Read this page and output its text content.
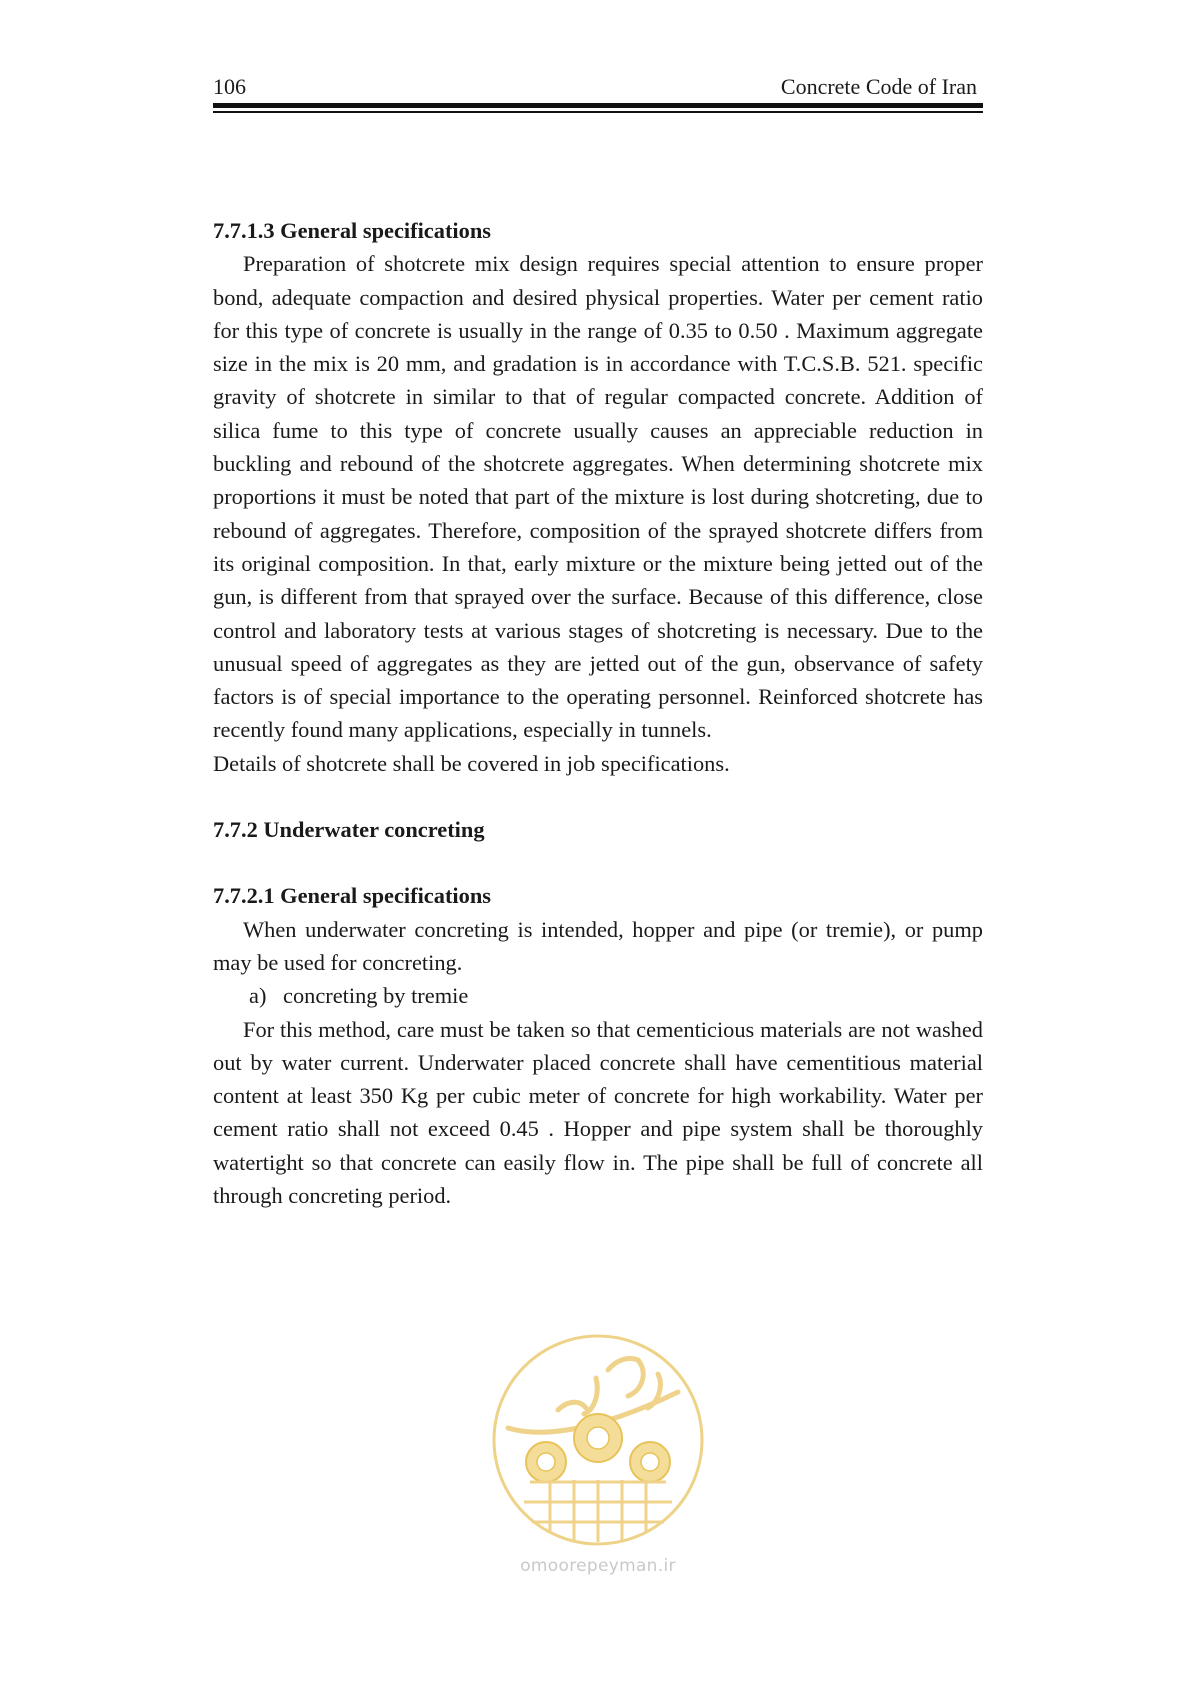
106	Concrete Code of Iran

7.7.1.3 General specifications

Preparation of shotcrete mix design requires special attention to ensure proper bond, adequate compaction and desired physical properties. Water per cement ratio for this type of concrete is usually in the range of 0.35 to 0.50 . Maximum aggregate size in the mix is 20 mm, and gradation is in accordance with T.C.S.B. 521. specific gravity of shotcrete in similar to that of regular compacted concrete. Addition of silica fume to this type of concrete usually causes an appreciable reduction in buckling and rebound of the shotcrete aggregates. When determining shotcrete mix proportions it must be noted that part of the mixture is lost during shotcreting, due to rebound of aggregates. Therefore, composition of the sprayed shotcrete differs from its original composition. In that, early mixture or the mixture being jetted out of the gun, is different from that sprayed over the surface. Because of this difference, close control and laboratory tests at various stages of shotcreting is necessary. Due to the unusual speed of aggregates as they are jetted out of the gun, observance of safety factors is of special importance to the operating personnel. Reinforced shotcrete has recently found many applications, especially in tunnels.

Details of shotcrete shall be covered in job specifications.

7.7.2 Underwater concreting

7.7.2.1 General specifications

When underwater concreting is intended, hopper and pipe (or tremie), or pump may be used for concreting.

a) concreting by tremie

For this method, care must be taken so that cementicious materials are not washed out by water current. Underwater placed concrete shall have cementitious material content at least 350 Kg per cubic meter of concrete for high workability. Water per cement ratio shall not exceed 0.45 . Hopper and pipe system shall be thoroughly watertight so that concrete can easily flow in. The pipe shall be full of concrete all through concreting period.

omoorepeyman.ir
